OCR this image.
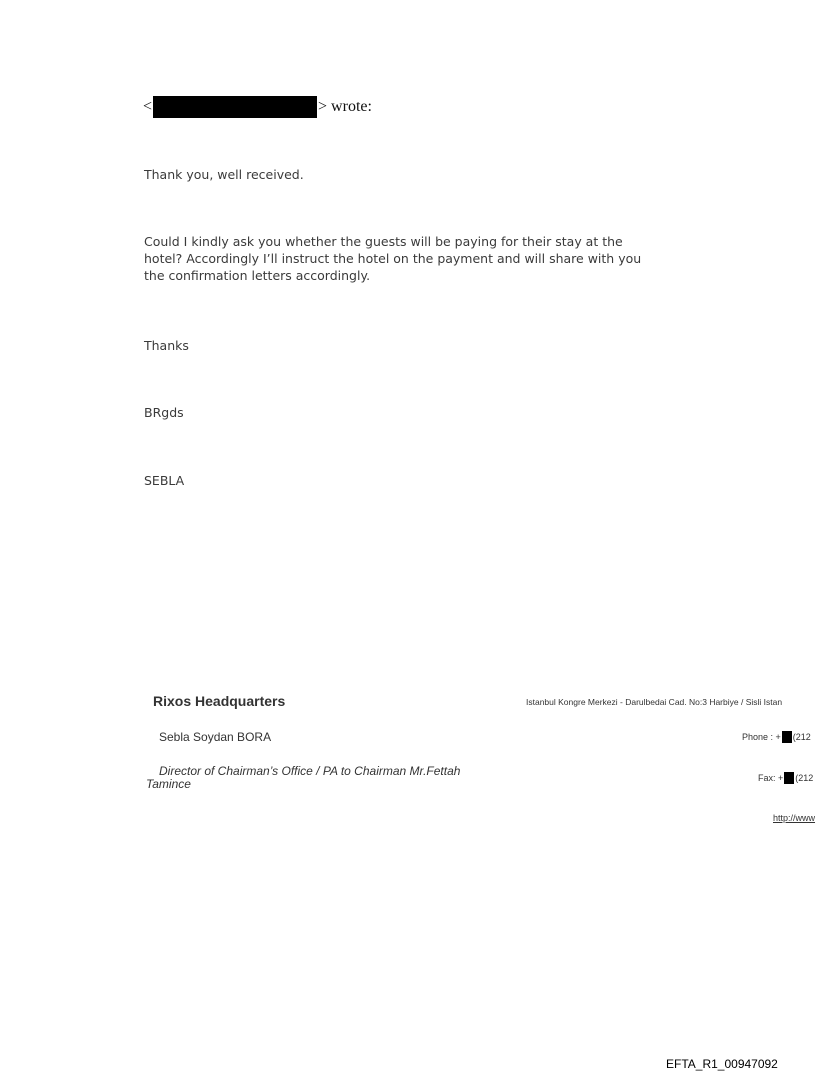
<	> wrote:
Thank you, well received.
Could I kindly ask you whether the guests will be paying for their stay at the hotel? Accordingly I’ll instruct the hotel on the payment and will share with you the confirmation letters accordingly.
Thanks
BRgds
SEBLA
Rixos Headquarters
Sebla Soydan BORA
Director of Chairman’s Office / PA to Chairman Mr.Fettah Tamince
Istanbul Kongre Merkezi - Darulbedai Cad. No:3 Harbiye / Sisli Istan
Phone : + (212
Fax: + (212
http://www
EFTA_R1_00947092
